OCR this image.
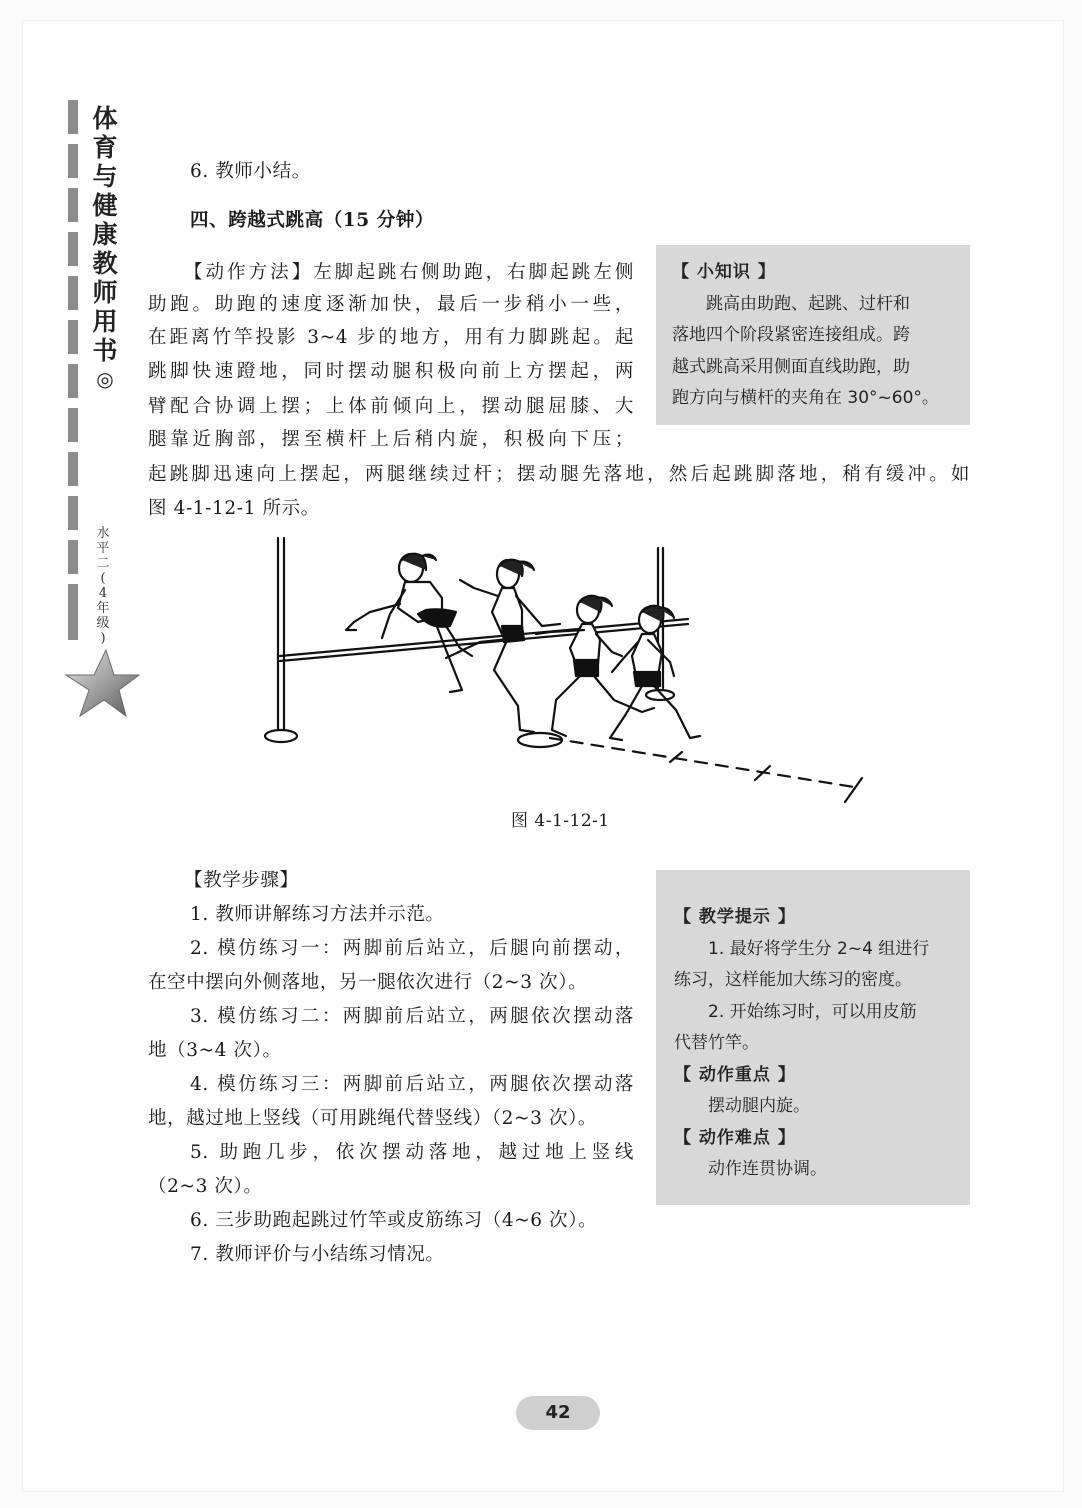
体
育
与
健
康
教
师
用
书
◎
水
平
二
(
4
年
级
)
6. 教师小结。
四、跨越式跳高（15 分钟）
【动作方法】左脚起跳右侧助跑，右脚起跳左侧
助跑。助跑的速度逐渐加快，最后一步稍小一些，
在距离竹竿投影 3~4 步的地方，用有力脚跳起。起
跳脚快速蹬地，同时摆动腿积极向前上方摆起，两
臂配合协调上摆；上体前倾向上，摆动腿屈膝、大
腿靠近胸部，摆至横杆上后稍内旋，积极向下压；
起跳脚迅速向上摆起，两腿继续过杆；摆动腿先落地，然后起跳脚落地，稍有缓冲。如
图 4-1-12-1 所示。
【 小知识 】
跳高由助跑、起跳、过杆和
落地四个阶段紧密连接组成。跨
越式跳高采用侧面直线助跑，助
跑方向与横杆的夹角在 30°~60°。
图 4-1-12-1
【教学步骤】
1. 教师讲解练习方法并示范。
2. 模仿练习一：两脚前后站立，后腿向前摆动，
在空中摆向外侧落地，另一腿依次进行（2~3 次）。
3. 模仿练习二：两脚前后站立，两腿依次摆动落
地（3~4 次）。
4. 模仿练习三：两脚前后站立，两腿依次摆动落
地，越过地上竖线（可用跳绳代替竖线）（2~3 次）。
5. 助跑几步，依次摆动落地，越过地上竖线
（2~3 次）。
6. 三步助跑起跳过竹竿或皮筋练习（4~6 次）。
7. 教师评价与小结练习情况。
【 教学提示 】
1. 最好将学生分 2~4 组进行
练习，这样能加大练习的密度。
2. 开始练习时，可以用皮筋
代替竹竿。
【 动作重点 】
摆动腿内旋。
【 动作难点 】
动作连贯协调。
42
